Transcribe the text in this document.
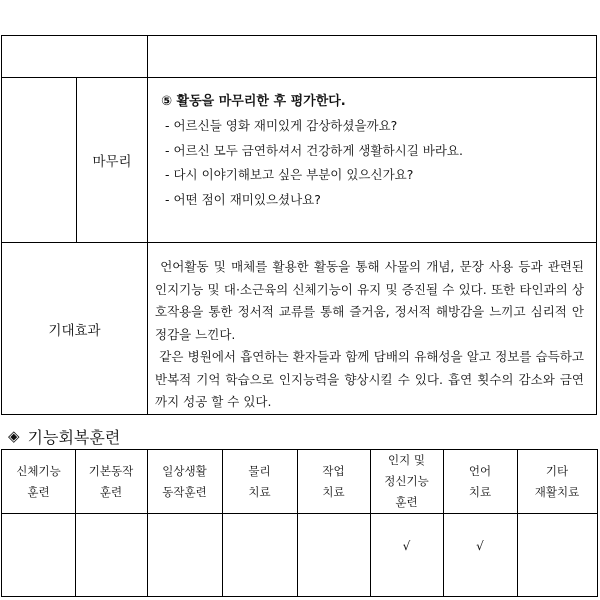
마무리
⑤ 활동을 마무리한 후 평가한다.
- 어르신들 영화 재미있게 감상하셨을까요?
- 어르신 모두 금연하셔서 건강하게 생활하시길 바라요.
- 다시 이야기해보고 싶은 부분이 있으신가요?
- 어떤 점이 재미있으셨나요?
기대효과
언어활동 및 매체를 활용한 활동을 통해 사물의 개념, 문장 사용 등과 관련된 인지기능 및 대·소근육의 신체기능이 유지 및 증진될 수 있다. 또한 타인과의 상호작용을 통한 정서적 교류를 통해 즐거움, 정서적 해방감을 느끼고 심리적 안정감을 느낀다.
같은 병원에서 흡연하는 환자들과 함께 담배의 유해성을 알고 정보를 습득하고 반복적 기억 학습으로 인지능력을 향상시킬 수 있다. 흡연 횟수의 감소와 금연까지 성공 할 수 있다.
◈ 기능회복훈련
신체기능
훈련
기본동작
훈련
일상생활
동작훈련
물리
치료
작업
치료
인지 및
정신기능
훈련
√
언어
치료
√
기타
재활치료
